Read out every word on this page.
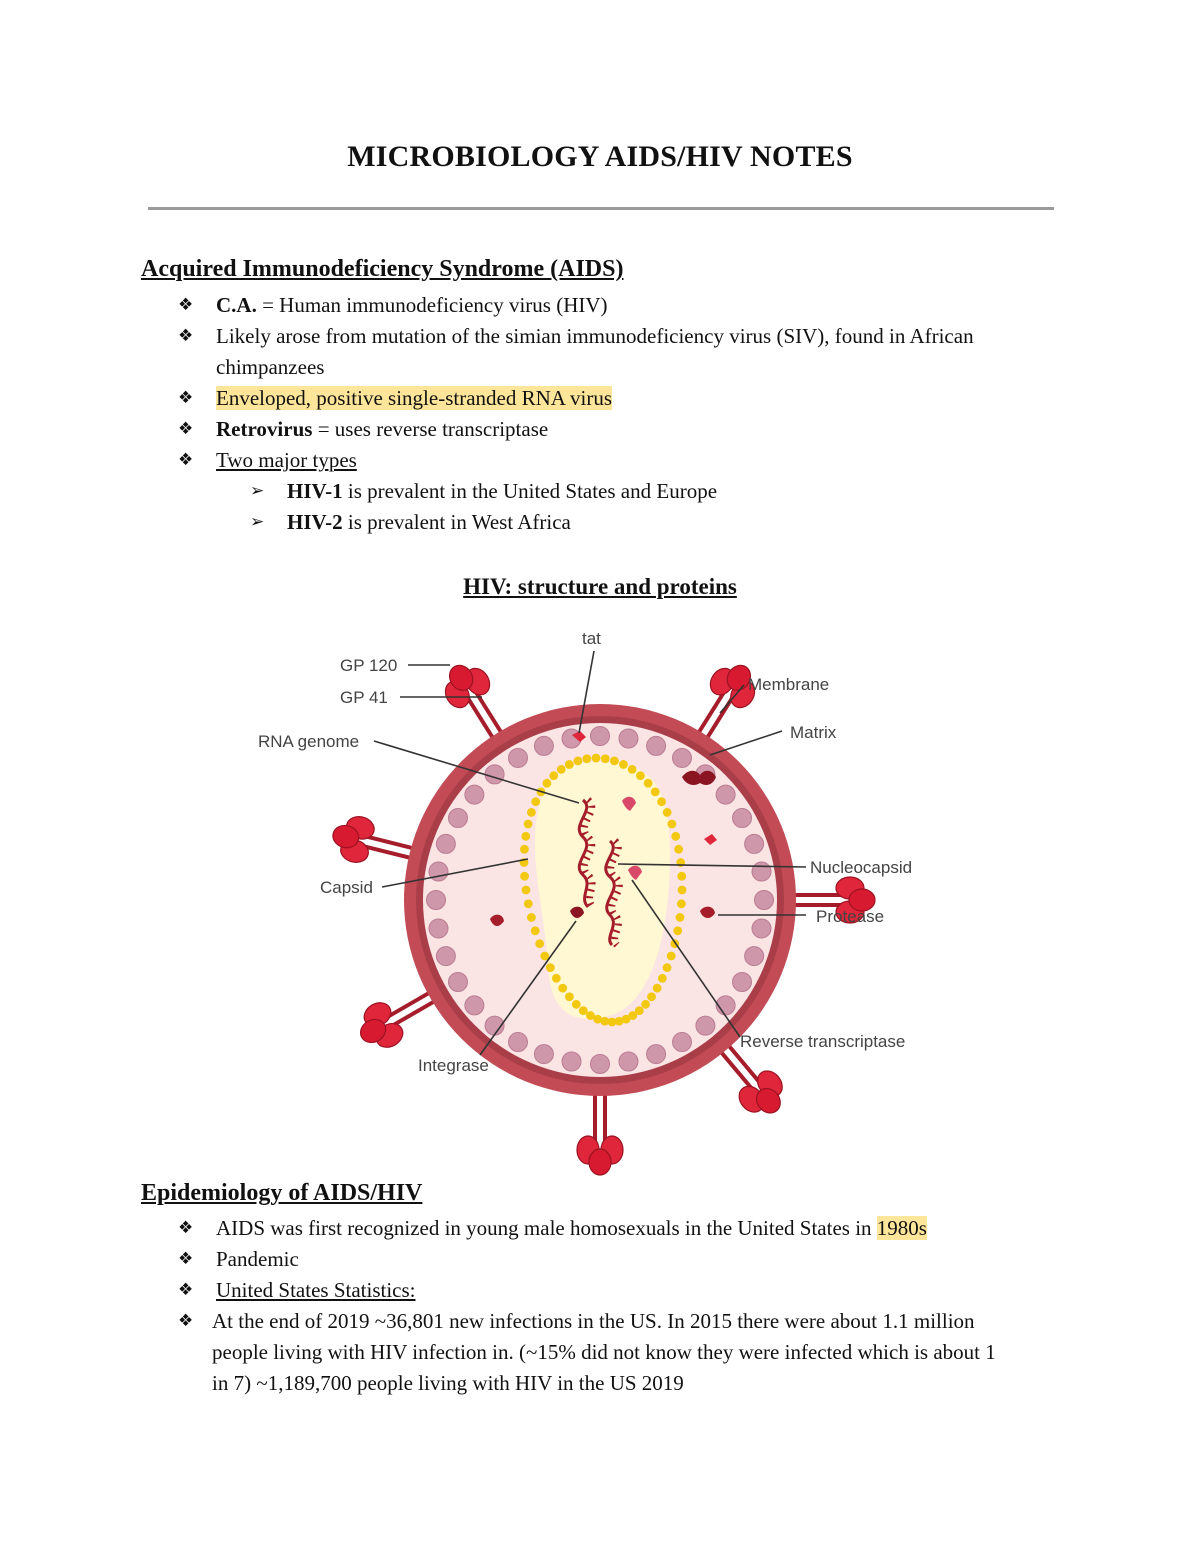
MICROBIOLOGY AIDS/HIV NOTES
Acquired Immunodeficiency Syndrome (AIDS)
❖	C.A. = Human immunodeficiency virus (HIV)
❖	Likely arose from mutation of the simian immunodeficiency virus (SIV), found in African chimpanzees
❖	Enveloped, positive single-stranded RNA virus
❖	Retrovirus = uses reverse transcriptase
❖	Two major types
➢	HIV-1 is prevalent in the United States and Europe
➢	HIV-2 is prevalent in West Africa
HIV: structure and proteins
GP 120
GP 41
tat
Membrane
Matrix
RNA genome
Capsid
Nucleocapsid
Protease
Integrase
Reverse transcriptase
Epidemiology of AIDS/HIV
❖	AIDS was first recognized in young male homosexuals in the United States in 1980s
❖	Pandemic
❖	United States Statistics:
❖ At the end of 2019 ~36,801 new infections in the US. In 2015 there were about 1.1 million people living with HIV infection in. (~15% did not know they were infected which is about 1 in 7) ~1,189,700 people living with HIV in the US 2019
